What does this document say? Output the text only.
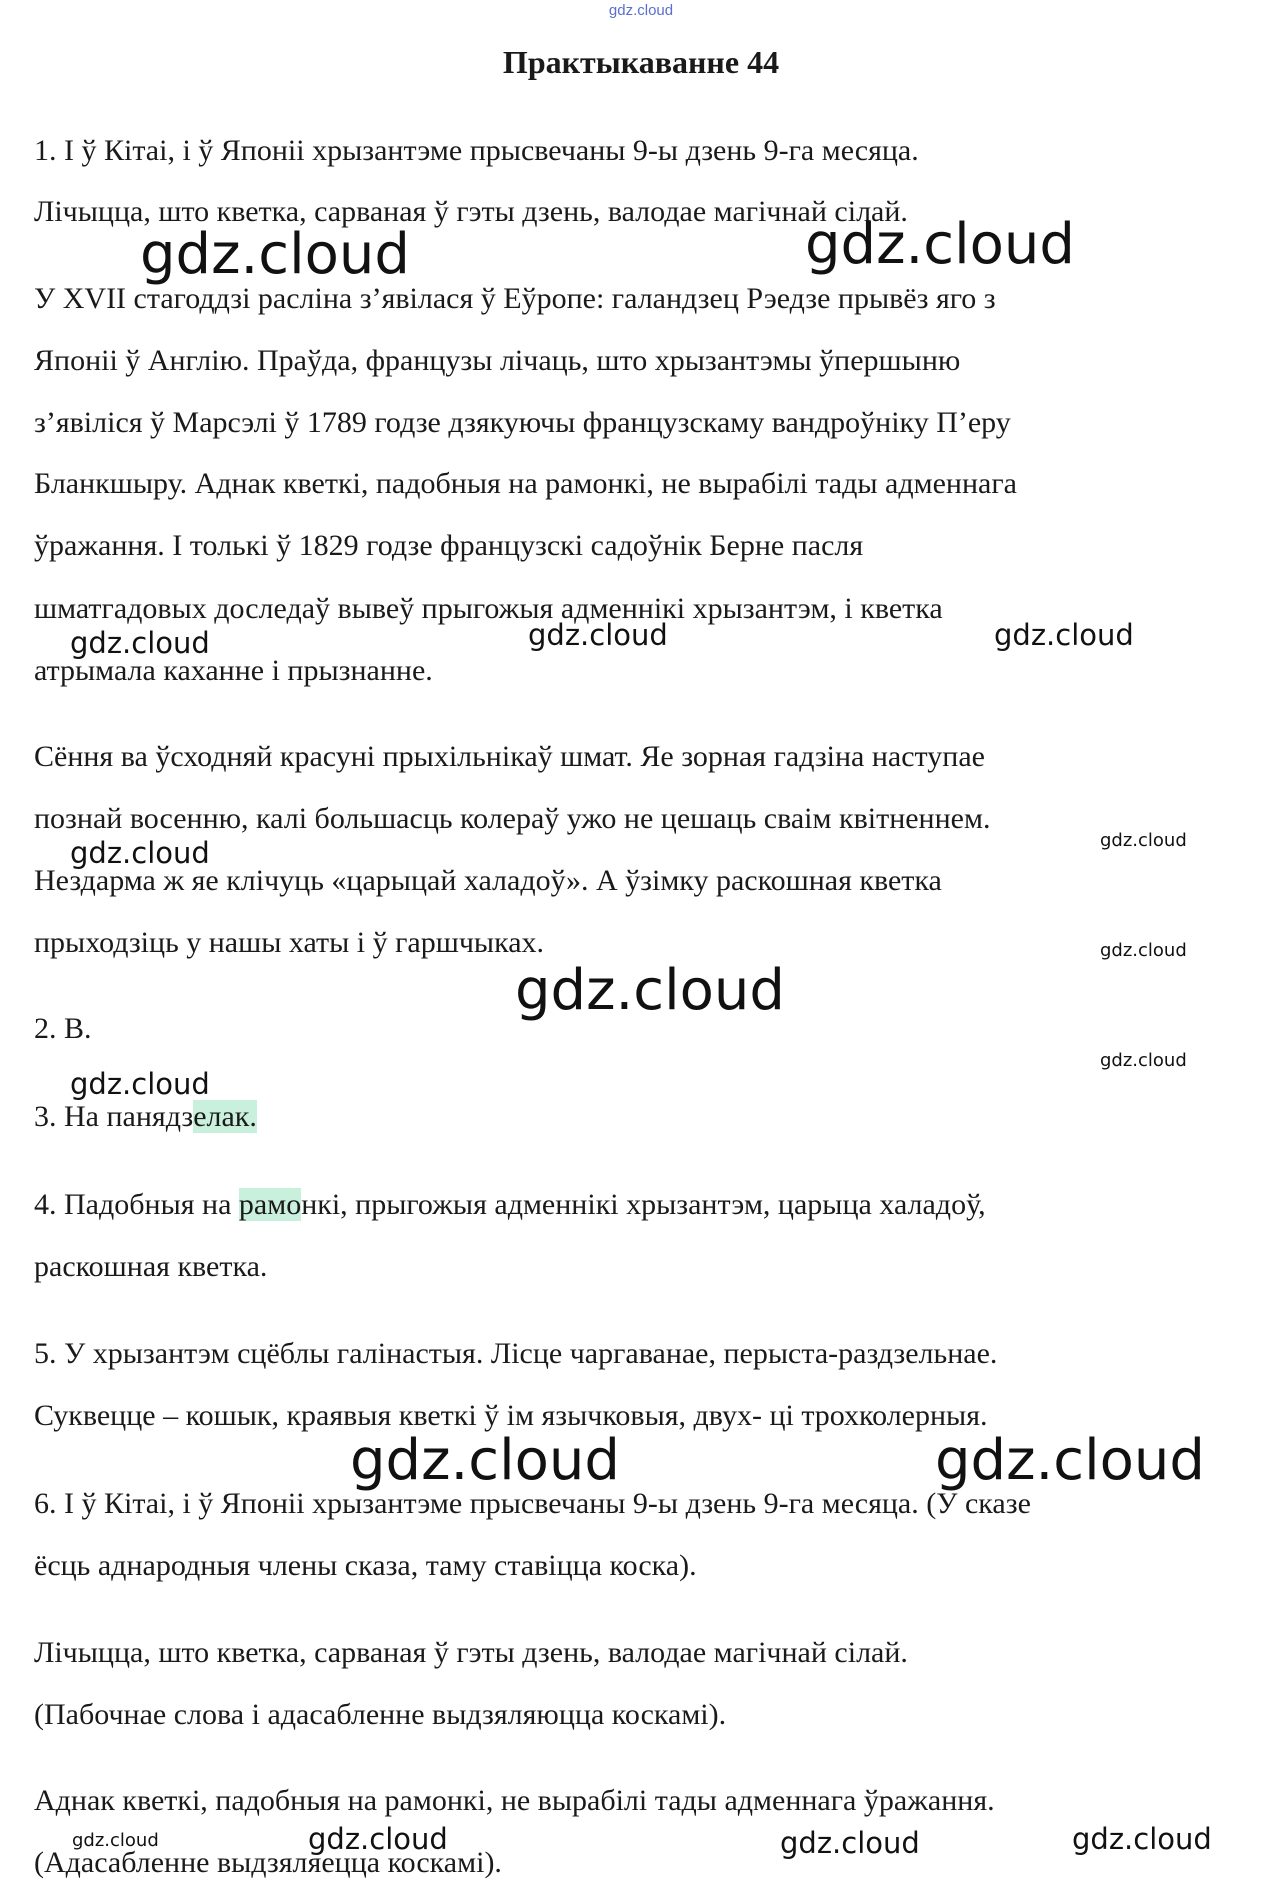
gdz.cloud
Практыкаванне 44
1. І ў Кітаі, і ў Японіі хрызантэме прысвечаны 9-ы дзень 9-га месяца.
Лічыцца, што кветка, сарваная ў гэты дзень, валодае магічнай сілай.
У XVII стагоддзі расліна з’явілася ў Еўропе: галандзец Рэедзе прывёз яго з
Японіі ў Англію. Праўда, французы лічаць, што хрызантэмы ўпершыню
з’явіліся ў Марсэлі ў 1789 годзе дзякуючы французскаму вандроўніку П’еру
Бланкшыру. Аднак кветкі, падобныя на рамонкі, не вырабілі тады адменнага
ўражання. І толькі ў 1829 годзе французскі садоўнік Берне пасля
шматгадовых доследаў вывеў прыгожыя адменнікі хрызантэм, і кветка
атрымала каханне і прызнанне.
Сёння ва ўсходняй красуні прыхільнікаў шмат. Яе зорная гадзіна наступае
познай восенню, калі большасць колераў ужо не цешаць сваім квітненнем.
Нездарма ж яе клічуць «царыцай халадоў». А ўзімку раскошная кветка
прыходзіць у нашы хаты і ў гаршчыках.
2. В.
3. На панядзелак.
4. Падобныя на рамонкі, прыгожыя адменнікі хрызантэм, царыца халадоў,
раскошная кветка.
5. У хрызантэм сцёблы галінастыя. Лісце чаргаванае, перыста-раздзельнае.
Суквецце – кошык, краявыя кветкі ў ім язычковыя, двух- ці трохколерныя.
6. І ў Кітаі, і ў Японіі хрызантэме прысвечаны 9-ы дзень 9-га месяца. (У сказе
ёсць аднародныя члены сказа, таму ставіцца коска).
Лічыцца, што кветка, сарваная ў гэты дзень, валодае магічнай сілай.
(Пабочнае слова і адасабленне выдзяляюцца коскамі).
Аднак кветкі, падобныя на рамонкі, не вырабілі тады адменнага ўражання.
(Адасабленне выдзяляецца коскамі).
gdz.cloud	gdz.cloud
gdz.cloud	gdz.cloud	gdz.cloud
gdz.cloud	gdz.cloud
gdz.cloud
gdz.cloud
gdz.cloud
gdz.cloud
gdz.cloud	gdz.cloud
gdz.cloud	gdz.cloud	gdz.cloud	gdz.cloud
